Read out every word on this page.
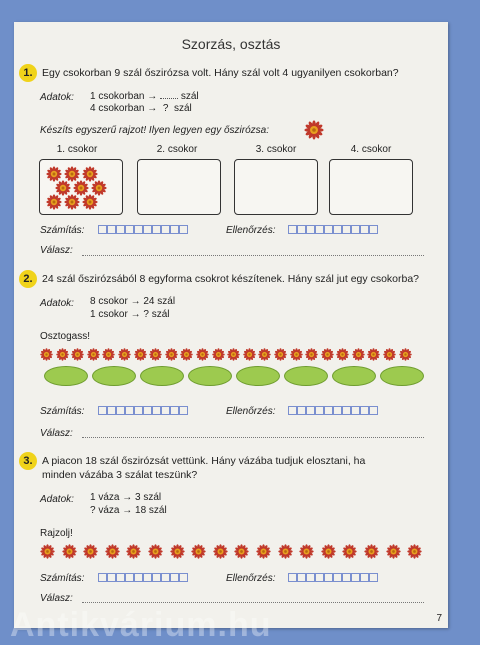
Szorzás, osztás
1. Egy csokorban 9 szál őszirózsa volt. Hány szál volt 4 ugyanilyen csokorban?
Adatok: 1 csokorban → szál
4 csokorban → ? szál
Készíts egyszerű rajzot! Ilyen legyen egy őszirózsa:
1. csokor	2. csokor	3. csokor	4. csokor
Számítás:	Ellenőrzés:
Válasz:
2. 24 szál őszirózsából 8 egyforma csokrot készítenek. Hány szál jut egy csokorba?
Adatok: 8 csokor → 24 szál
1 csokor → ? szál
Osztogass!
Számítás:	Ellenőrzés:
Válasz:
3. A piacon 18 szál őszirózsát vettünk. Hány vázába tudjuk elosztani, ha
minden vázába 3 szálat teszünk?
Adatok: 1 váza → 3 szál
? váza → 18 szál
Rajzolj!
Számítás:	Ellenőrzés:
Válasz:
7
Antikvárium.hu
